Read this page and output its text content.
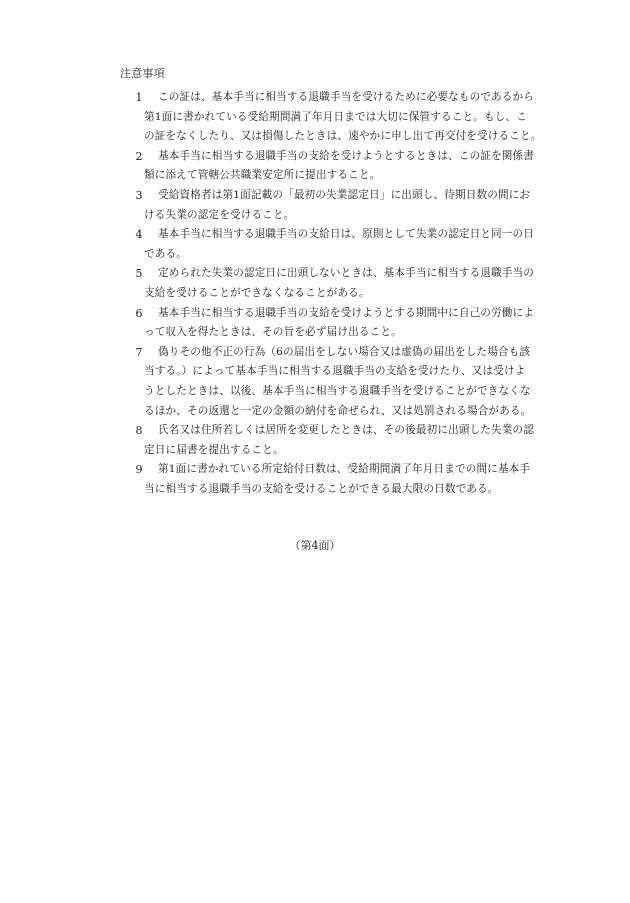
注意事項
1 この証は、基本手当に相当する退職手当を受けるために必要なものであるから
第1面に書かれている受給期間満了年月日までは大切に保管すること。もし、こ
の証をなくしたり、又は損傷したときは、速やかに申し出て再交付を受けること。
2 基本手当に相当する退職手当の支給を受けようとするときは、この証を関係書
類に添えて管轄公共職業安定所に提出すること。
3 受給資格者は第1面記載の「最初の失業認定日」に出頭し、待期日数の間にお
ける失業の認定を受けること。
4 基本手当に相当する退職手当の支給日は、原則として失業の認定日と同一の日
である。
5 定められた失業の認定日に出頭しないときは、基本手当に相当する退職手当の
支給を受けることができなくなることがある。
6 基本手当に相当する退職手当の支給を受けようとする期間中に自己の労働によ
って収入を得たときは、その旨を必ず届け出ること。
7 偽りその他不正の行為（6の届出をしない場合又は虚偽の届出をした場合も該
当する。）によって基本手当に相当する退職手当の支給を受けたり、又は受けよ
うとしたときは、以後、基本手当に相当する退職手当を受けることができなくな
るほか、その返還と一定の金額の納付を命ぜられ、又は処罰される場合がある。
8 氏名又は住所若しくは居所を変更したときは、その後最初に出頭した失業の認
定日に届書を提出すること。
9 第1面に書かれている所定給付日数は、受給期間満了年月日までの間に基本手
当に相当する退職手当の支給を受けることができる最大限の日数である。
（第4面）
